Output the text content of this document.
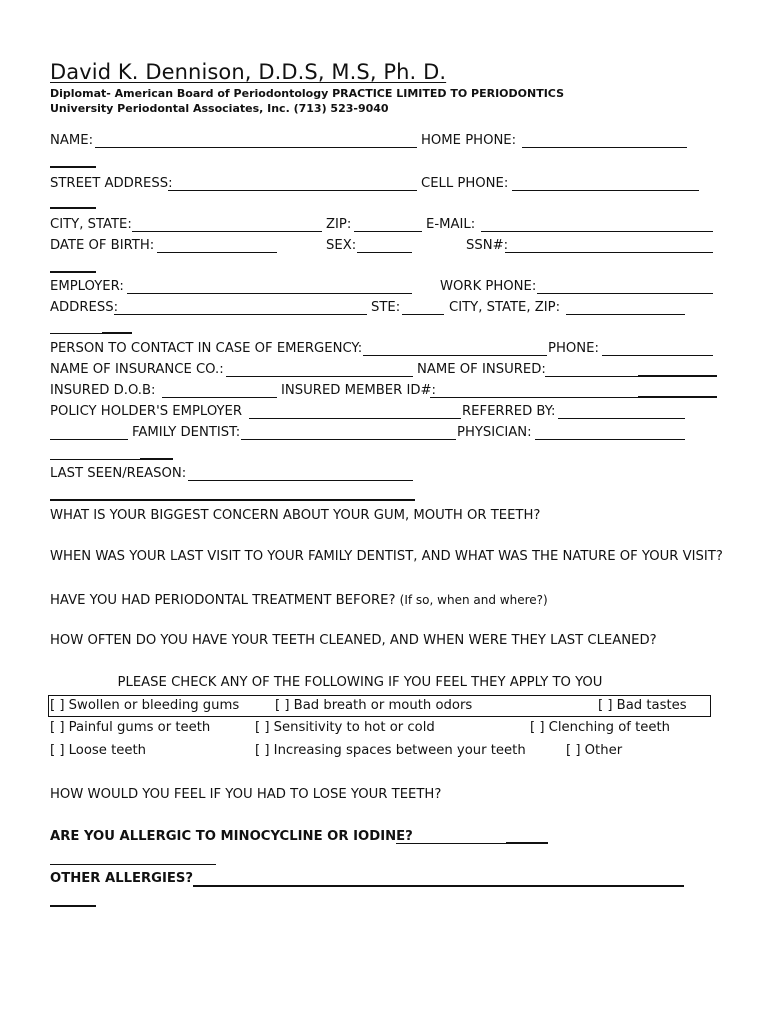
David K. Dennison, D.D.S, M.S, Ph. D.
Diplomat- American Board of Periodontology PRACTICE LIMITED TO PERIODONTICS
University Periodontal Associates, Inc. (713) 523-9040
NAME:	HOME PHONE:
STREET ADDRESS:	CELL PHONE:
CITY, STATE:	ZIP:	E-MAIL:
DATE OF BIRTH:	SEX:	SSN#:
EMPLOYER:	WORK PHONE:
ADDRESS:	STE:	CITY, STATE, ZIP:
PERSON TO CONTACT IN CASE OF EMERGENCY:	PHONE:
NAME OF INSURANCE CO.:	NAME OF INSURED:
INSURED D.O.B:	INSURED MEMBER ID#:
POLICY HOLDER'S EMPLOYER	REFERRED BY:
FAMILY DENTIST:	PHYSICIAN:
LAST SEEN/REASON:
WHAT IS YOUR BIGGEST CONCERN ABOUT YOUR GUM, MOUTH OR TEETH?
WHEN WAS YOUR LAST VISIT TO YOUR FAMILY DENTIST, AND WHAT WAS THE NATURE OF YOUR VISIT?
HAVE YOU HAD PERIODONTAL TREATMENT BEFORE? (If so, when and where?)
HOW OFTEN DO YOU HAVE YOUR TEETH CLEANED, AND WHEN WERE THEY LAST CLEANED?
PLEASE CHECK ANY OF THE FOLLOWING IF YOU FEEL THEY APPLY TO YOU
[ ] Swollen or bleeding gums	[ ] Bad breath or mouth odors	[ ] Bad tastes
[ ] Painful gums or teeth	[ ] Sensitivity to hot or cold	[ ] Clenching of teeth
[ ] Loose teeth	[ ] Increasing spaces between your teeth	[ ] Other
HOW WOULD YOU FEEL IF YOU HAD TO LOSE YOUR TEETH?
ARE YOU ALLERGIC TO MINOCYCLINE OR IODINE?
OTHER ALLERGIES?
